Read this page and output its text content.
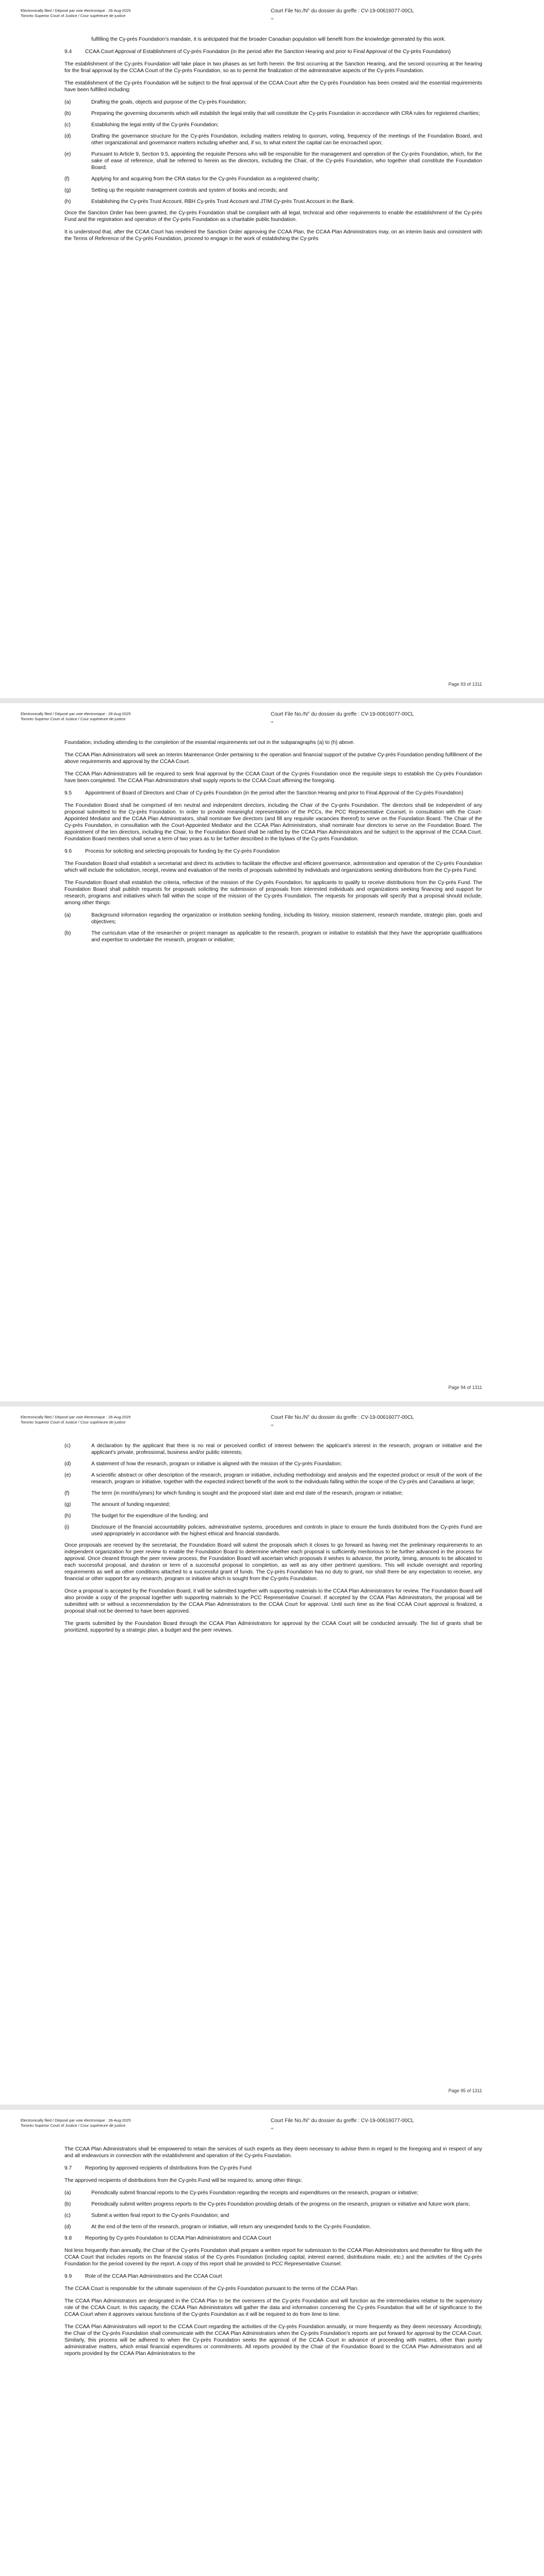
Electronically filed / Déposé par voie électronique : 26-Aug-2025
Toronto Superior Court of Justice / Cour supérieure de justice
Court File No./N° du dossier du greffe : CV-19-00616077-00CL
ᵤᵤ
fulfilling the Cy-près Foundation’s mandate, it is anticipated that the broader Canadian population will benefit from the knowledge generated by this work.
9.4	CCAA Court Approval of Establishment of Cy-près Foundation (in the period after the Sanction Hearing and prior to Final Approval of the Cy-près Foundation)

The establishment of the Cy-près Foundation will take place in two phases as set forth herein: the first occurring at the Sanction Hearing, and the second occurring at the hearing for the final approval by the CCAA Court of the Cy-près Foundation, so as to permit the finalization of the administrative aspects of the Cy-près Foundation.

The establishment of the Cy-près Foundation will be subject to the final approval of the CCAA Court after the Cy-près Foundation has been created and the essential requirements have been fulfilled including:

(a)	Drafting the goals, objects and purpose of the Cy-près Foundation;
(b)	Preparing the governing documents which will establish the legal entity that will constitute the Cy-près Foundation in accordance with CRA rules for registered charities;
(c)	Establishing the legal entity of the Cy-près Foundation;
(d)	Drafting the governance structure for the Cy-près Foundation, including matters relating to quorum, voting, frequency of the meetings of the Foundation Board, and other organizational and governance matters including whether and, if so, to what extent the capital can be encroached upon;
(e)	Pursuant to Article 9, Section 9.5, appointing the requisite Persons who will be responsible for the management and operation of the Cy-près Foundation, which, for the sake of ease of reference, shall be referred to herein as the directors, including the Chair, of the Cy-près Foundation, who together shall constitute the Foundation Board;
(f)	Applying for and acquiring from the CRA status for the Cy-près Foundation as a registered charity;
(g)	Setting up the requisite management controls and system of books and records; and
(h)	Establishing the Cy-près Trust Account, RBH Cy-près Trust Account and JTIM Cy-près Trust Account in the Bank.

Once the Sanction Order has been granted, the Cy-près Foundation shall be compliant with all legal, technical and other requirements to enable the establishment of the Cy-près Fund and the registration and operation of the Cy-près Foundation as a charitable public foundation.

It is understood that, after the CCAA Court has rendered the Sanction Order approving the CCAA Plan, the CCAA Plan Administrators may, on an interim basis and consistent with the Terms of Reference of the Cy-près Foundation, proceed to engage in the work of establishing the Cy-près

Page 93 of 1311
Electronically filed / Déposé par voie électronique : 26-Aug-2025
Toronto Superior Court of Justice / Cour supérieure de justice
Court File No./N° du dossier du greffe : CV-19-00616077-00CL
ᵤᵤ

Foundation, including attending to the completion of the essential requirements set out in the subparagraphs (a) to (h) above.

The CCAA Plan Administrators will seek an Interim Maintenance Order pertaining to the operation and financial support of the putative Cy-près Foundation pending fulfillment of the above requirements and approval by the CCAA Court.

The CCAA Plan Administrators will be required to seek final approval by the CCAA Court of the Cy-près Foundation once the requisite steps to establish the Cy-près Foundation have been completed. The CCAA Plan Administrators shall supply reports to the CCAA Court affirming the foregoing.

9.5	Appointment of Board of Directors and Chair of Cy-près Foundation (in the period after the Sanction Hearing and prior to Final Approval of the Cy-près Foundation)

The Foundation Board shall be comprised of ten neutral and independent directors, including the Chair of the Cy-près Foundation. The directors shall be independent of any proposal submitted to the Cy-près Foundation. In order to provide meaningful representation of the PCCs, the PCC Representative Counsel, in consultation with the Court-Appointed Mediator and the CCAA Plan Administrators, shall nominate five directors (and fill any requisite vacancies thereof) to serve on the Foundation Board. The Chair of the Cy-près Foundation, in consultation with the Court-Appointed Mediator and the CCAA Plan Administrators, shall nominate four directors to serve on the Foundation Board. The appointment of the ten directors, including the Chair, to the Foundation Board shall be ratified by the CCAA Plan Administrators and be subject to the approval of the CCAA Court. Foundation Board members shall serve a term of two years as to be further described in the bylaws of the Cy-près Foundation.

9.6	Process for soliciting and selecting proposals for funding by the Cy-près Foundation

The Foundation Board shall establish a secretariat and direct its activities to facilitate the effective and efficient governance, administration and operation of the Cy-près Foundation which will include the solicitation, receipt, review and evaluation of the merits of proposals submitted by individuals and organizations seeking distributions from the Cy-près Fund.

The Foundation Board shall establish the criteria, reflective of the mission of the Cy-près Foundation, for applicants to qualify to receive distributions from the Cy-près Fund. The Foundation Board shall publish requests for proposals soliciting the submission of proposals from interested individuals and organizations seeking financing and support for research, programs and initiatives which fall within the scope of the mission of the Cy-près Foundation. The requests for proposals will specify that a proposal should include, among other things:

(a)	Background information regarding the organization or institution seeking funding, including its history, mission statement, research mandate, strategic plan, goals and objectives;
(b)	The curriculum vitae of the researcher or project manager as applicable to the research, program or initiative to establish that they have the appropriate qualifications and expertise to undertake the research, program or initiative;
Page 94 of 1311
Electronically filed / Déposé par voie électronique : 26-Aug-2025
Toronto Superior Court of Justice / Cour supérieure de justice
Court File No./N° du dossier du greffe : CV-19-00616077-00CL
ᵤᵤ
(c)	A declaration by the applicant that there is no real or perceived conflict of interest between the applicant’s interest in the research, program or initiative and the applicant’s private, professional, business and/or public interests;
(d)	A statement of how the research, program or initiative is aligned with the mission of the Cy-près Foundation;
(e)	A scientific abstract or other description of the research, program or initiative, including methodology and analysis and the expected product or result of the work of the research, program or initiative, together with the expected indirect benefit of the work to the individuals falling within the scope of the Cy-près and Canadians at large;
(f)	The term (in months/years) for which funding is sought and the proposed start date and end date of the research, program or initiative;
(g)	The amount of funding requested;
(h)	The budget for the expenditure of the funding; and
(i)	Disclosure of the financial accountability policies, administrative systems, procedures and controls in place to ensure the funds distributed from the Cy-près Fund are used appropriately in accordance with the highest ethical and financial standards.

Once proposals are received by the secretariat, the Foundation Board will submit the proposals which it closes to go forward as having met the preliminary requirements to an independent organization for peer review to enable the Foundation Board to determine whether each proposal is sufficiently meritorious to be further advanced in the process for approval. Once cleared through the peer review process, the Foundation Board will ascertain which proposals it wishes to advance, the priority, timing, amounts to be allocated to each successful proposal, and duration or term of a successful proposal to completion, as well as any other pertinent questions. This will include oversight and reporting requirements as well as other conditions attached to a successful grant of funds. The Cy-près Foundation has no duty to grant, nor shall there be any expectation to receive, any financial or other support for any research, program or initiative which is sought from the Cy-près Foundation.

Once a proposal is accepted by the Foundation Board, it will be submitted together with supporting materials to the CCAA Plan Administrators for review. The Foundation Board will also provide a copy of the proposal together with supporting materials to the PCC Representative Counsel. If accepted by the CCAA Plan Administrators, the proposal will be submitted with or without a recommendation by the CCAA Plan Administrators to the CCAA Court for approval. Until such time as the final CCAA Court approval is finalized, a proposal shall not be deemed to have been approved.

The grants submitted by the Foundation Board through the CCAA Plan Administrators for approval by the CCAA Court will be conducted annually. The list of grants shall be prioritized, supported by a strategic plan, a budget and the peer reviews.

Page 95 of 1311
Electronically filed / Déposé par voie électronique : 26-Aug-2025
Toronto Superior Court of Justice / Cour supérieure de justice
Court File No./N° du dossier du greffe : CV-19-00616077-00CL
ᵤᵤ

The CCAA Plan Administrators shall be empowered to retain the services of such experts as they deem necessary to advise them in regard to the foregoing and in respect of any and all endeavours in connection with the establishment and operation of the Cy-près Foundation.

9.7	Reporting by approved recipients of distributions from the Cy-près Fund

The approved recipients of distributions from the Cy-près Fund will be required to, among other things:

(a)	Periodically submit financial reports to the Cy-près Foundation regarding the receipts and expenditures on the research, program or initiative;
(b)	Periodically submit written progress reports to the Cy-près Foundation providing details of the progress on the research, program or initiative and future work plans;
(c)	Submit a written final report to the Cy-près Foundation; and
(d)	At the end of the term of the research, program or initiative, will return any unexpended funds to the Cy-près Foundation.
9.8	Reporting by Cy-près Foundation to CCAA Plan Administrators and CCAA Court

Not less frequently than annually, the Chair of the Cy-près Foundation shall prepare a written report for submission to the CCAA Plan Administrators and thereafter for filing with the CCAA Court that includes reports on the financial status of the Cy-près Foundation (including capital, interest earned, distributions made, etc.) and the activities of the Cy-près Foundation for the period covered by the report. A copy of this report shall be provided to PCC Representative Counsel.

9.9	Role of the CCAA Plan Administrators and the CCAA Court

The CCAA Court is responsible for the ultimate supervision of the Cy-près Foundation pursuant to the terms of the CCAA Plan.

The CCAA Plan Administrators are designated in the CCAA Plan to be the overseers of the Cy-près Foundation and will function as the intermediaries relative to the supervisory role of the CCAA Court. In this capacity, the CCAA Plan Administrators will gather the data and information concerning the Cy-près Foundation that will be of significance to the CCAA Court when it approves various functions of the Cy-près Foundation as it will be required to do from time to time.

The CCAA Plan Administrators will report to the CCAA Court regarding the activities of the Cy-près Foundation annually, or more frequently as they deem necessary. Accordingly, the Chair of the Cy-près Foundation shall communicate with the CCAA Plan Administrators when the Cy-près Foundation’s reports are put forward for approval by the CCAA Court. Similarly, this process will be adhered to when the Cy-près Foundation seeks the approval of the CCAA Court in advance of proceeding with matters, other than purely administrative matters, which entail financial expenditures or commitments. All reports provided by the Chair of the Foundation Board to the CCAA Plan Administrators and all reports provided by the CCAA Plan Administrators to the
